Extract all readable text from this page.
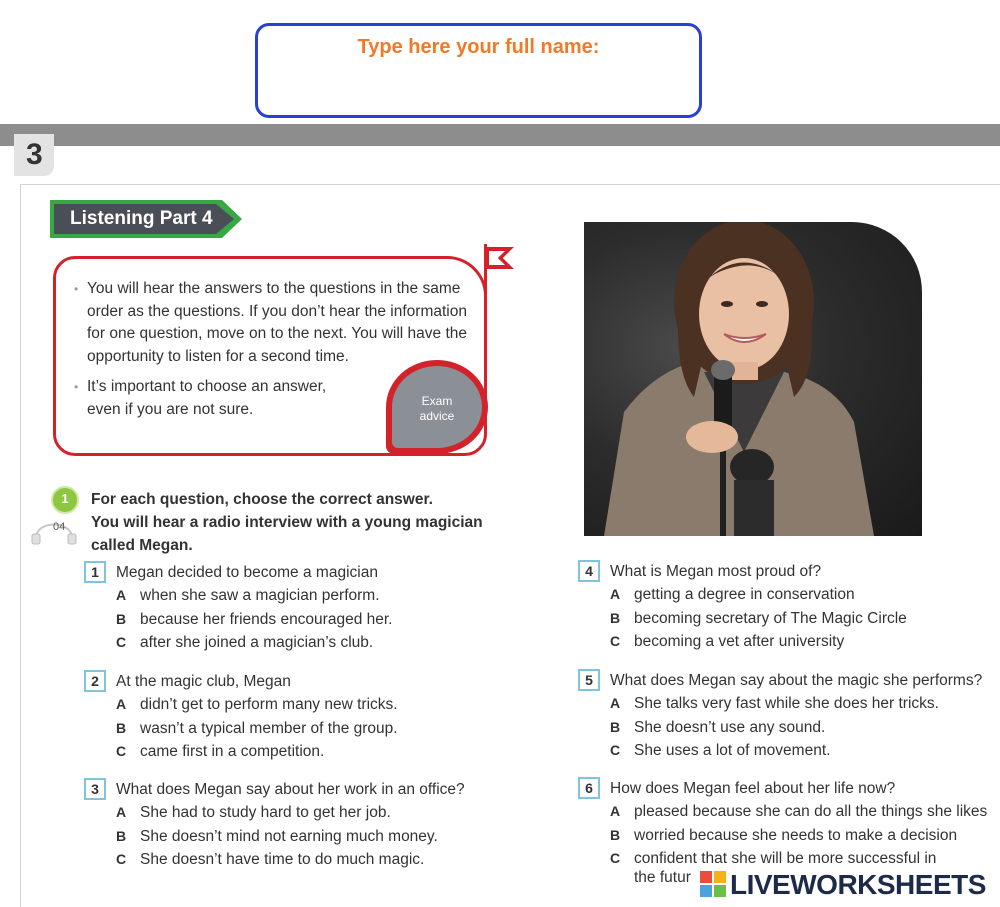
Type here your full name:
3
Listening Part 4

• You will hear the answers to the questions in the same order as the questions. If you don’t hear the information for one question, move on to the next. You will have the opportunity to listen for a second time.

• It’s important to choose an answer, even if you are not sure.	Exam
advice
1
04
For each question, choose the correct answer.
You will hear a radio interview with a young magician called Megan.
1	Megan decided to become a magician
A when she saw a magician perform.
B because her friends encouraged her.
C after she joined a magician’s club.
2	At the magic club, Megan
A didn’t get to perform many new tricks.
B wasn’t a typical member of the group.
C came first in a competition.
3	What does Megan say about her work in an office?
A She had to study hard to get her job.
B She doesn’t mind not earning much money.
C She doesn’t have time to do much magic.
4	What is Megan most proud of?
A getting a degree in conservation
B becoming secretary of The Magic Circle
C becoming a vet after university
5	What does Megan say about the magic she performs?
A She talks very fast while she does her tricks.
B She doesn’t use any sound.
C She uses a lot of movement.
6	How does Megan feel about her life now?
A pleased because she can do all the things she likes
B worried because she needs to make a decision
C confident that she will be more successful in
the futur LIVEWORKSHEETS
